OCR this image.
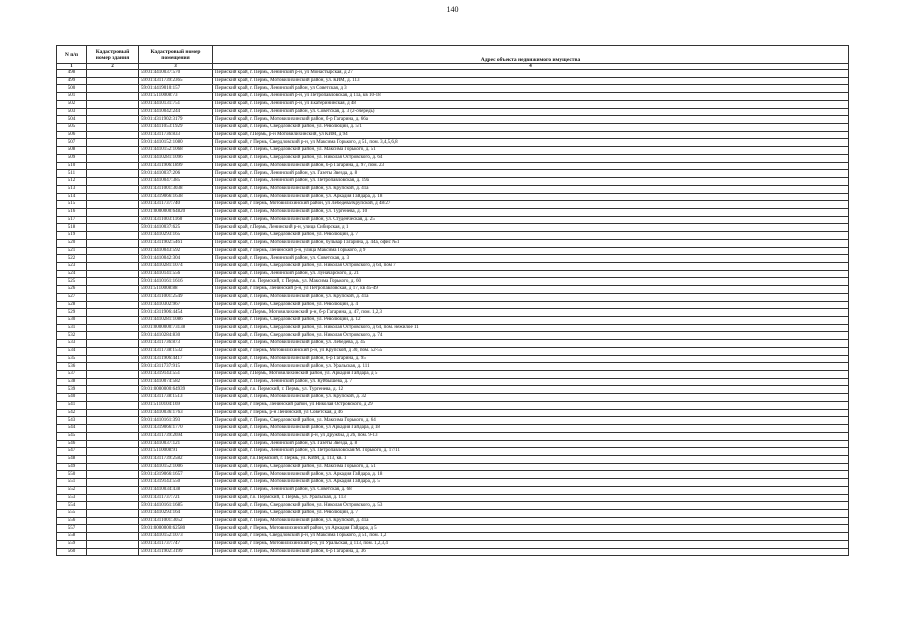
140
N п/п	Кадастровый номер здания	Кадастровый номер помещения	Адрес объекта недвижимого имущества
1	2	3	4
498		59:01:4410037:570	Пермский край, г. Пермь, Ленинский р-н, ул Монастырская, д 27
499		59:01:4311739:2365	Пермский край, г. Пермь, Мотовилихинский район, ул. КИМ, д. 113
500		59:01:4419010:157	Пермский край, г. Пермь, Ленинский район, ул Советская, д 3
501		59:01:5110008:73	Пермский край, г. Пермь, Ленинский р-н, ул Петропавловская, д 11а, кв 10-18
502		59:01:4410131:751	Пермский край, г. Пермь, Ленинский р-н, ул Екатерининская, д 48
503		59:01:4410042:244	Пермский край, г. Пермь, Ленинский район, ул. Советская, д. 3 (2-очередь)
504		59:01:4311902:3179	Пермский край, г. Пермь, Мотовилихинский район, б-р Гагарина, д. 66а
505		59:01:4411053:1929	Пермский край, г. Пермь, Свердловский район, ул. Революции, д. 5/1
506		59:01:4311736:833	Пермский край, г.Пермь, р-н Мотовилихинский, ул КИМ, д 94
507		59:01:4410152:1080	Пермский край, г Пермь, Свердловский р-н, ул Максима Горького, д 51, пом. 3,4,5,6,8
508		59:01:4410152:1068	Пермский край, г. Пермь, Свердловский район, ул. Максима Горького, д. 51
509		59:01:4410281:1096	Пермский край, г. Пермь, Свердловский район, ул. Николая Островского, д. 64
510		59:01:4311906:1899	Пермский край, г. Пермь, Мотовилихинский район, б-р Гагарина, д. 97, пом. 23
511		59:01:4410037:206	Пермский край, г. Пермь, Ленинский район, ул. Газеты Звезда, д. 8
512		59:01:4410047:385	Пермский край, г. Пермь, Ленинский район, ул. Петропавловская, д. 19а
513		59:01:4311001:3038	Пермский край, г. Пермь, Мотовилихинский район, ул. Крупской, д. 41а
514		59:01:4319066:1638	Пермский край, г. Пермь, Мотовилихинский район, ул. Аркадия Гайдара, д. 18
515		59:01:4311737:740	Пермский край, г Пермь, Мотовилихинский район, ул Лебедева/Крупской, д 48/27
516		59:01:0000000:64820	Пермский край, г. Пермь, Мотовилихинский район, ул. Тургенева, д. 10
517		59:01:4311003:1160	Пермский край, г. Пермь, Мотовилихинский район, ул. Студенческая, д. 25
518		59:01:4410037:625	Пермский край, г.Пермь, Ленинский р-н, улица Сибирская, д 1
519		59:01:4410293:165	Пермский край, г. Пермь, Свердловский район, ул. Революции, д. 7
520		59:01:4311902:5461	Пермский край, г. Пермь, Мотовилихинский район, бульвар Гагарина, д. 44а, офис №1
521		59:01:4410043:592	Пермский край, г Пермь, Ленинский р-н, улица Максима Горького, д 9
522		59:01:4410042:304	Пермский край, г. Пермь, Ленинский район, ул. Советская, д. 3
523		59:01:4410281:1074	Пермский край, г. Пермь, Свердловский район, ул. Николая Островского, д 64, пом 7
524		59:01:4410141:556	Пермский край, г. Пермь, Ленинский район, ул. Луначарского, д. 21
525		59:01:4410161:1616	Пермский край, г.о. Пермский, г. Пермь, ул. Максима Горького, д. 60
526		59:01:5110008:88	Пермский край, г Пермь, Ленинский р-н, ул Петропавловская, д 17, кв 45-49
527		59:01:4311001:2549	Пермский край, г. Пермь, Мотовилихинский район, ул. Крупской, д. 41а
528		59:01:4410302:967	Пермский край, г. Пермь, Свердловский район, ул. Революции, д. 4
529		59:01:4311906:4454	Пермский край, г.Пермь, Мотовилихинский р-н, б-р Гагарина, д. 47, пом. 1,2,3
530		59:01:4410281:1086	Пермский край, г. Пермь, Свердловский район, ул. Революции, д. 12
531		59:01:0000000:73138	Пермский край, г. Пермь, Свердловский район, ул. Николая Островского, д 64, пом. нежилое 11
532		59:01:4410284:830	Пермский край, г. Пермь, Свердловский район, ул. Николая Островского, д. 74
533		59:01:4311736:873	Пермский край, г. Пермь, Мотовилихинский район, ул. Лебедева, д. 45
534		59:01:4311738:1532	Пермский край, г Пермь, Мотовилихинский р-н, ул Крупской, д 30, пом. 52-55
535		59:01:4311906:4417	Пермский край, г. Пермь, Мотовилихинский район, б-р Гагарина, д. 95
536		59:01:4311737:915	Пермский край, г. Пермь, Мотовилихинский район, ул. Уральская, д. 111
537		59:01:4319143:551	Пермский край, г.Пермь, Мотовилихинский район, ул. Аркадия Гайдара, д 5
538		59:01:4410074:582	Пермский край, г. Пермь, Ленинский район, ул. Куйбышева, д. 7
539		59:01:0000000:64939	Пермский край, г.о. Пермский, г. Пермь, ул. Тургенева, д. 12
540		59:01:4311738:1513	Пермский край, г. Пермь, Мотовилихинский район, ул. Крупской, д. 32
541		59:01:5110104:169	Пермский край, г Пермь, Ленинский район, ул Николая Островского, д 29
542		59:01:4410036:1763	Пермский край, г Пермь, р-н Ленинский, ул Советская, д 46
543		59:01:4410161:393	Пермский край, г. Пермь, Свердловский район, ул. Максима Горького, д. 64
544		59:01:4319066:1770	Пермский край, г. Пермь, Мотовилихинский район, ул Аркадия Гайдара, д 18
545		59:01:4311739:2694	Пермский край, г. Пермь, Мотовилихинский р-н, ул Дружбы, д 26, пом. 9-13
546		59:01:4410037:121	Пермский край, г. Пермь, Ленинский район, ул. Газеты Звезда, д. 8
547		59:01:5110008:91	Пермский край, г. Пермь, Ленинский район, ул. Петропавловская/М. Горького, д. 17/11
548		59:01:4311739:2582	Пермский край, г.о.Пермский, г. Пермь, ул. КИМ, д. 113, кв. 1
549		59:01:4410152:1006	Пермский край, г. Пермь, Свердловский район, ул. Максима Горького, д. 51
550		59:01:4319066:1657	Пермский край, г. Пермь, Мотовилихинский район, ул. Аркадия Гайдара, д. 18
551		59:01:4319143:550	Пермский край, г. Пермь, Мотовилихинский район, ул. Аркадия Гайдара, д. 5
552		59:01:4410034:438	Пермский край, г. Пермь, Ленинский район, ул. Советская, д. 68
553		59:01:4311737:721	Пермский край, г.о. Пермский, г. Пермь, ул. Уральская, д. 113
554		59:01:4410161:1685	Пермский край, г. Пермь, Свердловский район, ул. Николая Островского, д. 53
555		59:01:4410293:164	Пермский край, г. Пермь, Свердловский район, ул. Революции, д. 7
556		59:01:4311001:3052	Пермский край, г. Пермь, Мотовилихинский район, ул. Крупской, д. 41а
557		59:01:0000000:62580	Пермский край, г Пермь, Мотовилихинский район, ул Аркадия Гайдара, д 5
558		59:01:4410152:1073	Пермский край, г Пермь, Свердловский р-н, ул Максима Горького, д 51, пом. 1,2
559		59:01:4311737:747	Пермский край, г Пермь, Мотовилихинский р-н, ул Уральская, д 113, пом. 1,2,3,4
560		59:01:4311902:3199	Пермский край, г. Пермь, Мотовилихинский район, б-р Гагарина, д. 36
